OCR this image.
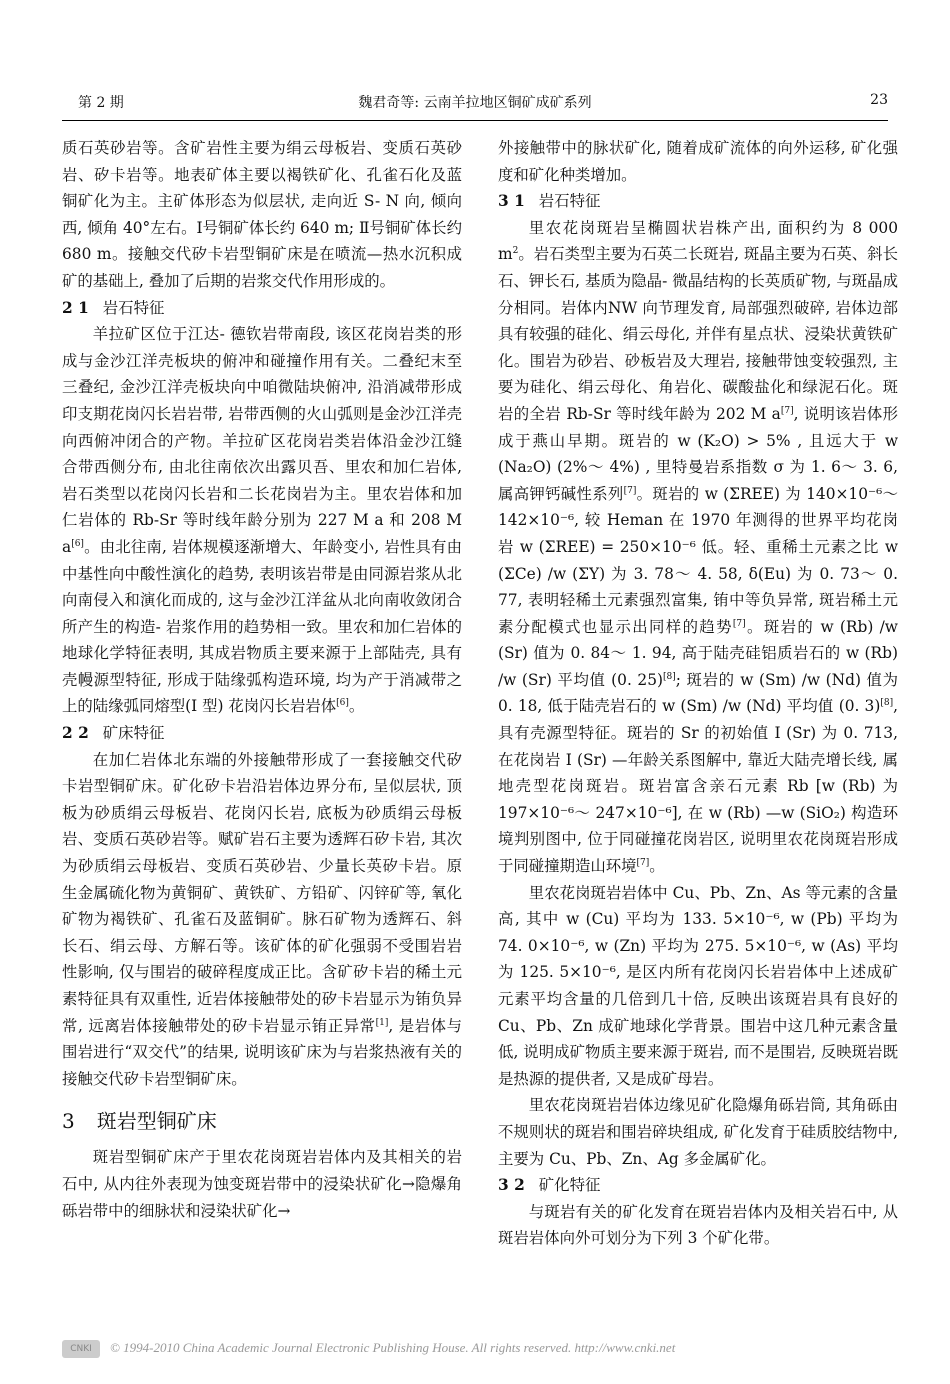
第 2 期	魏君奇等: 云南羊拉地区铜矿成矿系列	23

质石英砂岩等。含矿岩性主要为绢云母板岩、变质石英砂岩、矽卡岩等。地表矿体主要以褐铁矿化、孔雀石化及蓝铜矿化为主。主矿体形态为似层状, 走向近 S- N 向, 倾向西, 倾角 40°左右。Ⅰ号铜矿体长约 640 m; Ⅱ号铜矿体长约 680 m。接触交代矽卡岩型铜矿床是在喷流—热水沉积成矿的基础上, 叠加了后期的岩浆交代作用形成的。

2 1 岩石特征

羊拉矿区位于江达- 德钦岩带南段, 该区花岗岩类的形成与金沙江洋壳板块的俯冲和碰撞作用有关。二叠纪末至三叠纪, 金沙江洋壳板块向中咱微陆块俯冲, 沿消减带形成印支期花岗闪长岩岩带, 岩带西侧的火山弧则是金沙江洋壳向西俯冲闭合的产物。羊拉矿区花岗岩类岩体沿金沙江缝合带西侧分布, 由北往南依次出露贝吾、里农和加仁岩体, 岩石类型以花岗闪长岩和二长花岗岩为主。里农岩体和加仁岩体的 Rb-Sr 等时线年龄分别为 227 M a 和 208 M a[6]。由北往南, 岩体规模逐渐增大、年龄变小, 岩性具有由中基性向中酸性演化的趋势, 表明该岩带是由同源岩浆从北向南侵入和演化而成的, 这与金沙江洋盆从北向南收敛闭合所产生的构造- 岩浆作用的趋势相一致。里农和加仁岩体的地球化学特征表明, 其成岩物质主要来源于上部陆壳, 具有壳幔源型特征, 形成于陆缘弧构造环境, 均为产于消减带之上的陆缘弧同熔型(I 型) 花岗闪长岩岩体[6]。

2 2 矿床特征

在加仁岩体北东端的外接触带形成了一套接触交代矽卡岩型铜矿床。矿化矽卡岩沿岩体边界分布, 呈似层状, 顶板为砂质绢云母板岩、花岗闪长岩, 底板为砂质绢云母板岩、变质石英砂岩等。赋矿岩石主要为透辉石矽卡岩, 其次为砂质绢云母板岩、变质石英砂岩、少量长英矽卡岩。原生金属硫化物为黄铜矿、黄铁矿、方铅矿、闪锌矿等, 氧化矿物为褐铁矿、孔雀石及蓝铜矿。脉石矿物为透辉石、斜长石、绢云母、方解石等。该矿体的矿化强弱不受围岩岩性影响, 仅与围岩的破碎程度成正比。含矿矽卡岩的稀土元素特征具有双重性, 近岩体接触带处的矽卡岩显示为铕负异常, 远离岩体接触带处的矽卡岩显示铕正异常[1], 是岩体与围岩进行“双交代”的结果, 说明该矿床为与岩浆热液有关的接触交代矽卡岩型铜矿床。

3 斑岩型铜矿床

斑岩型铜矿床产于里农花岗斑岩岩体内及其相关的岩石中, 从内往外表现为蚀变斑岩带中的浸染状矿化→隐爆角砾岩带中的细脉状和浸染状矿化→

外接触带中的脉状矿化, 随着成矿流体的向外运移, 矿化强度和矿化种类增加。

3 1 岩石特征

里农花岗斑岩呈椭圆状岩株产出, 面积约为 8 000 $m^2$。岩石类型主要为石英二长斑岩, 斑晶主要为石英、斜长石、钾长石, 基质为隐晶- 微晶结构的长英质矿物, 与斑晶成分相同。岩体内NW 向节理发育, 局部强烈破碎, 岩体边部具有较强的硅化、绢云母化, 并伴有星点状、浸染状黄铁矿化。围岩为砂岩、砂板岩及大理岩, 接触带蚀变较强烈, 主要为硅化、绢云母化、角岩化、碳酸盐化和绿泥石化。斑岩的全岩 Rb-Sr 等时线年龄为 202 M a[7], 说明该岩体形成于燕山早期。斑岩的 w (K₂O) > 5% , 且远大于 w (Na₂O) (2%～ 4%) , 里特曼岩系指数 σ 为 1. 6～ 3. 6, 属高钾钙碱性系列[7]。斑岩的 w (ΣREE) 为 140×10⁻⁶～ 142×10⁻⁶, 较 Heman 在 1970 年测得的世界平均花岗岩 w (ΣREE) = 250×10⁻⁶ 低。轻、重稀土元素之比 w (ΣCe) /w (ΣY) 为 3. 78～ 4. 58, δ(Eu) 为 0. 73～ 0. 77, 表明轻稀土元素强烈富集, 铕中等负异常, 斑岩稀土元素分配模式也显示出同样的趋势[7]。斑岩的 w (Rb) /w (Sr) 值为 0. 84～ 1. 94, 高于陆壳硅铝质岩石的 w (Rb) /w (Sr) 平均值 (0. 25)[8]; 斑岩的 w (Sm) /w (Nd) 值为 0. 18, 低于陆壳岩石的 w (Sm) /w (Nd) 平均值 (0. 3)[8], 具有壳源型特征。斑岩的 Sr 的初始值 I (Sr) 为 0. 713, 在花岗岩 I (Sr) —年龄关系图解中, 靠近大陆壳增长线, 属地壳型花岗斑岩。斑岩富含亲石元素 Rb [w (Rb) 为 197×10⁻⁶～ 247×10⁻⁶], 在 w (Rb) —w (SiO₂) 构造环境判别图中, 位于同碰撞花岗岩区, 说明里农花岗斑岩形成于同碰撞期造山环境[7]。

里农花岗斑岩岩体中 Cu、Pb、Zn、As 等元素的含量高, 其中 w (Cu) 平均为 133. 5×10⁻⁶, w (Pb) 平均为 74. 0×10⁻⁶, w (Zn) 平均为 275. 5×10⁻⁶, w (As) 平均为 125. 5×10⁻⁶, 是区内所有花岗闪长岩岩体中上述成矿元素平均含量的几倍到几十倍, 反映出该斑岩具有良好的 Cu、Pb、Zn 成矿地球化学背景。围岩中这几种元素含量低, 说明成矿物质主要来源于斑岩, 而不是围岩, 反映斑岩既是热源的提供者, 又是成矿母岩。

里农花岗斑岩岩体边缘见矿化隐爆角砾岩筒, 其角砾由不规则状的斑岩和围岩碎块组成, 矿化发育于硅质胶结物中, 主要为 Cu、Pb、Zn、Ag 多金属矿化。

3 2 矿化特征

与斑岩有关的矿化发育在斑岩岩体内及相关岩石中, 从斑岩岩体向外可划分为下列 3 个矿化带。

CNKI	© 1994-2010 China Academic Journal Electronic Publishing House. All rights reserved. http://www.cnki.net
